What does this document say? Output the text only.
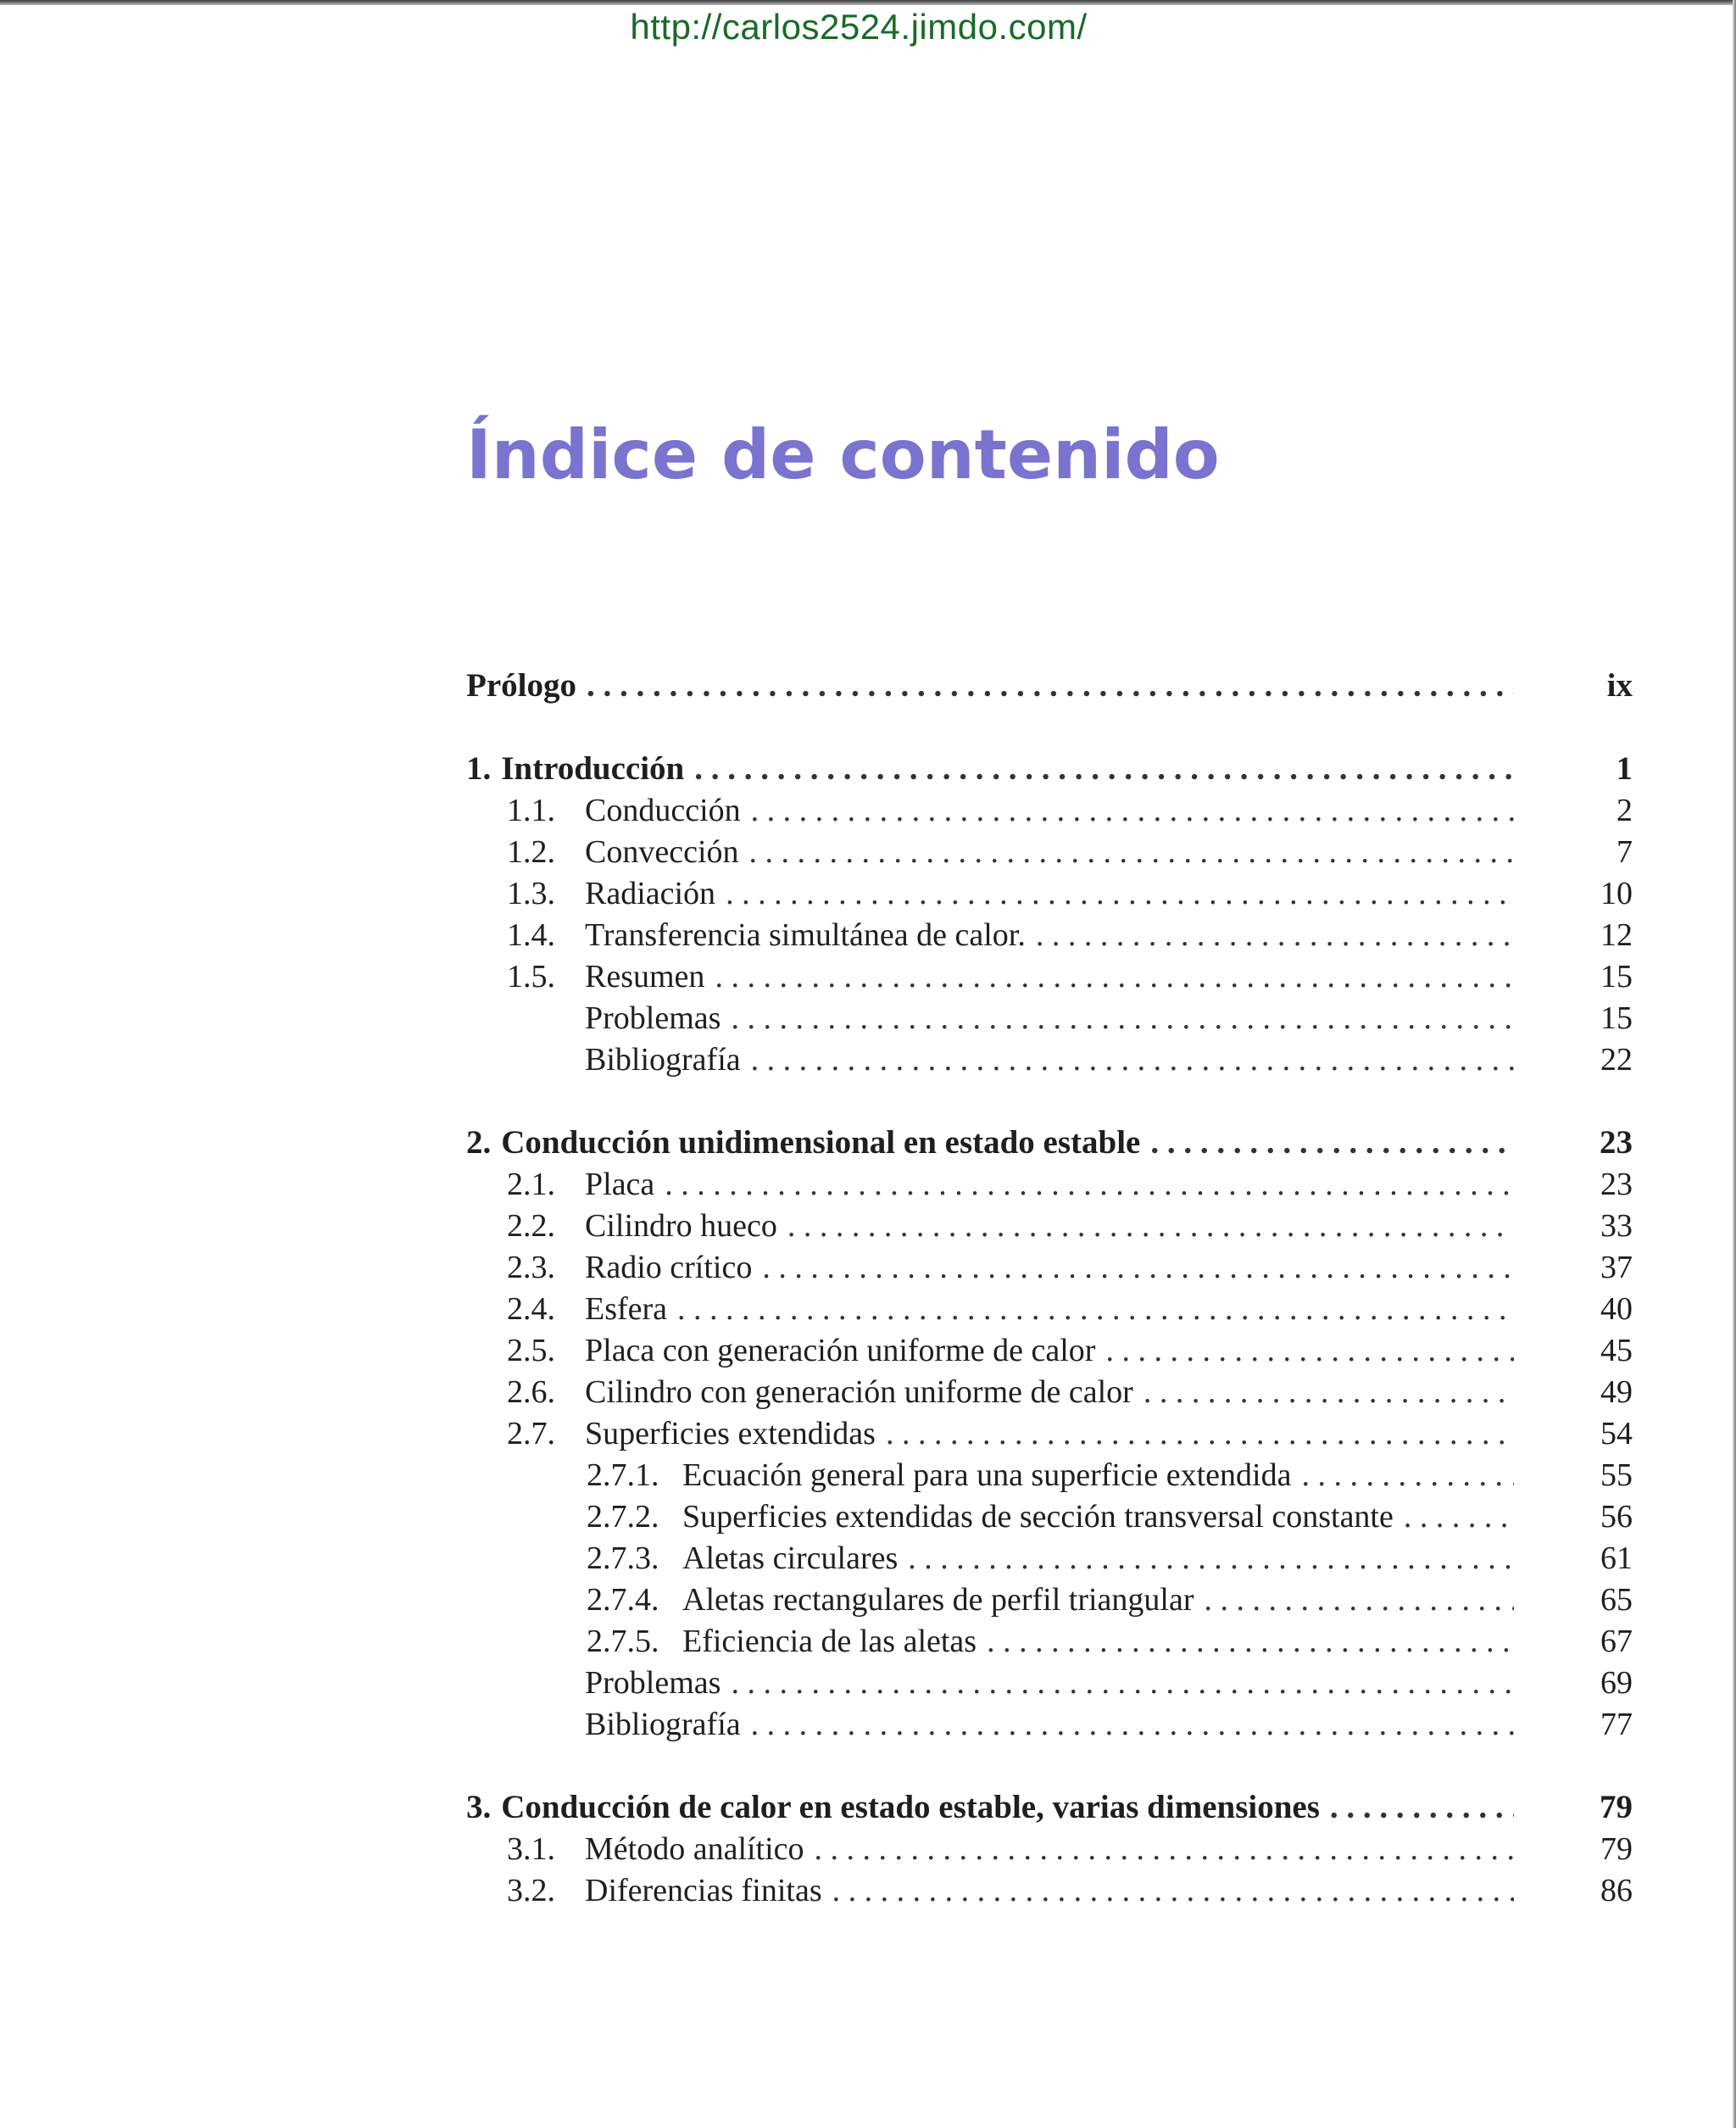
http://carlos2524.jimdo.com/
Índice de contenido
Prólogo . . .	ix
1. Introducción . . .	1
1.1. Conducción . . .	2
1.2. Convección . . .	7
1.3. Radiación . . .	10
1.4. Transferencia simultánea de calor. . . .	12
1.5. Resumen . . .	15
Problemas . . .	15
Bibliografía . . .	22
2. Conducción unidimensional en estado estable . . .	23
2.1. Placa . . .	23
2.2. Cilindro hueco . . .	33
2.3. Radio crítico . . .	37
2.4. Esfera . . .	40
2.5. Placa con generación uniforme de calor . . .	45
2.6. Cilindro con generación uniforme de calor . . .	49
2.7. Superficies extendidas . . .	54
2.7.1. Ecuación general para una superficie extendida . . .	55
2.7.2. Superficies extendidas de sección transversal constante . . .	56
2.7.3. Aletas circulares . . .	61
2.7.4. Aletas rectangulares de perfil triangular . . .	65
2.7.5. Eficiencia de las aletas . . .	67
Problemas . . .	69
Bibliografía . . .	77
3. Conducción de calor en estado estable, varias dimensiones . . .	79
3.1. Método analítico . . .	79
3.2. Diferencias finitas . . .	86
